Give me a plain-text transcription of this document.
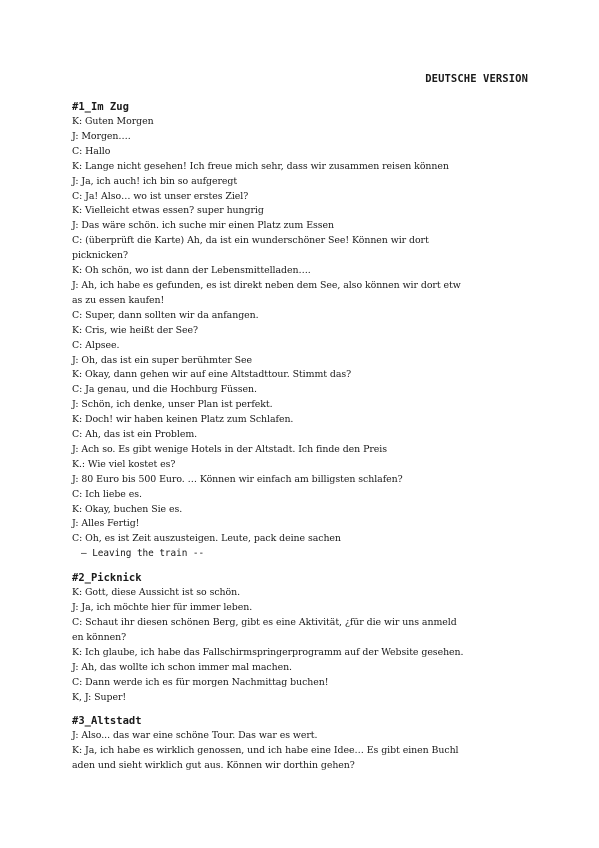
DEUTSCHE VERSION
#1_Im Zug
K: Guten Morgen
J: Morgen….
C: Hallo
K: Lange nicht gesehen! Ich freue mich sehr, dass wir zusammen reisen können
J: Ja, ich auch! ich bin so aufgeregt
C: Ja! Also… wo ist unser erstes Ziel?
K: Vielleicht etwas essen? super hungrig
J: Das wäre schön. ich suche mir einen Platz zum Essen
C: (überprüft die Karte) Ah, da ist ein wunderschöner See! Können wir dort
picknicken?
K: Oh schön, wo ist dann der Lebensmittelladen….
J: Ah, ich habe es gefunden, es ist direkt neben dem See, also können wir dort etw
as zu essen kaufen!
C: Super, dann sollten wir da anfangen.
K: Cris, wie heißt der See?
C: Alpsee.
J: Oh, das ist ein super berühmter See
K: Okay, dann gehen wir auf eine Altstadttour. Stimmt das?
C: Ja genau, und die Hochburg Füssen.
J: Schön, ich denke, unser Plan ist perfekt.
K: Doch! wir haben keinen Platz zum Schlafen.
C: Ah, das ist ein Problem.
J: Ach so. Es gibt wenige Hotels in der Altstadt. Ich finde den Preis
K.: Wie viel kostet es?
J: 80 Euro bis 500 Euro. … Können wir einfach am billigsten schlafen?
C: Ich liebe es.
K: Okay, buchen Sie es.
J: Alles Fertig!
C: Oh, es ist Zeit auszusteigen. Leute, pack deine sachen
— Leaving the train --
#2_Picknick
K: Gott, diese Aussicht ist so schön.
J: Ja, ich möchte hier für immer leben.
C: Schaut ihr diesen schönen Berg, gibt es eine Aktivität, ¿für die wir uns anmeld
en können?
K: Ich glaube, ich habe das Fallschirmspringerprogramm auf der Website gesehen.
J: Ah, das wollte ich schon immer mal machen.
C: Dann werde ich es für morgen Nachmittag buchen!
K, J: Super!
#3_Altstadt
J: Also... das war eine schöne Tour. Das war es wert.
K: Ja, ich habe es wirklich genossen, und ich habe eine Idee… Es gibt einen Buchl
aden und sieht wirklich gut aus. Können wir dorthin gehen?
